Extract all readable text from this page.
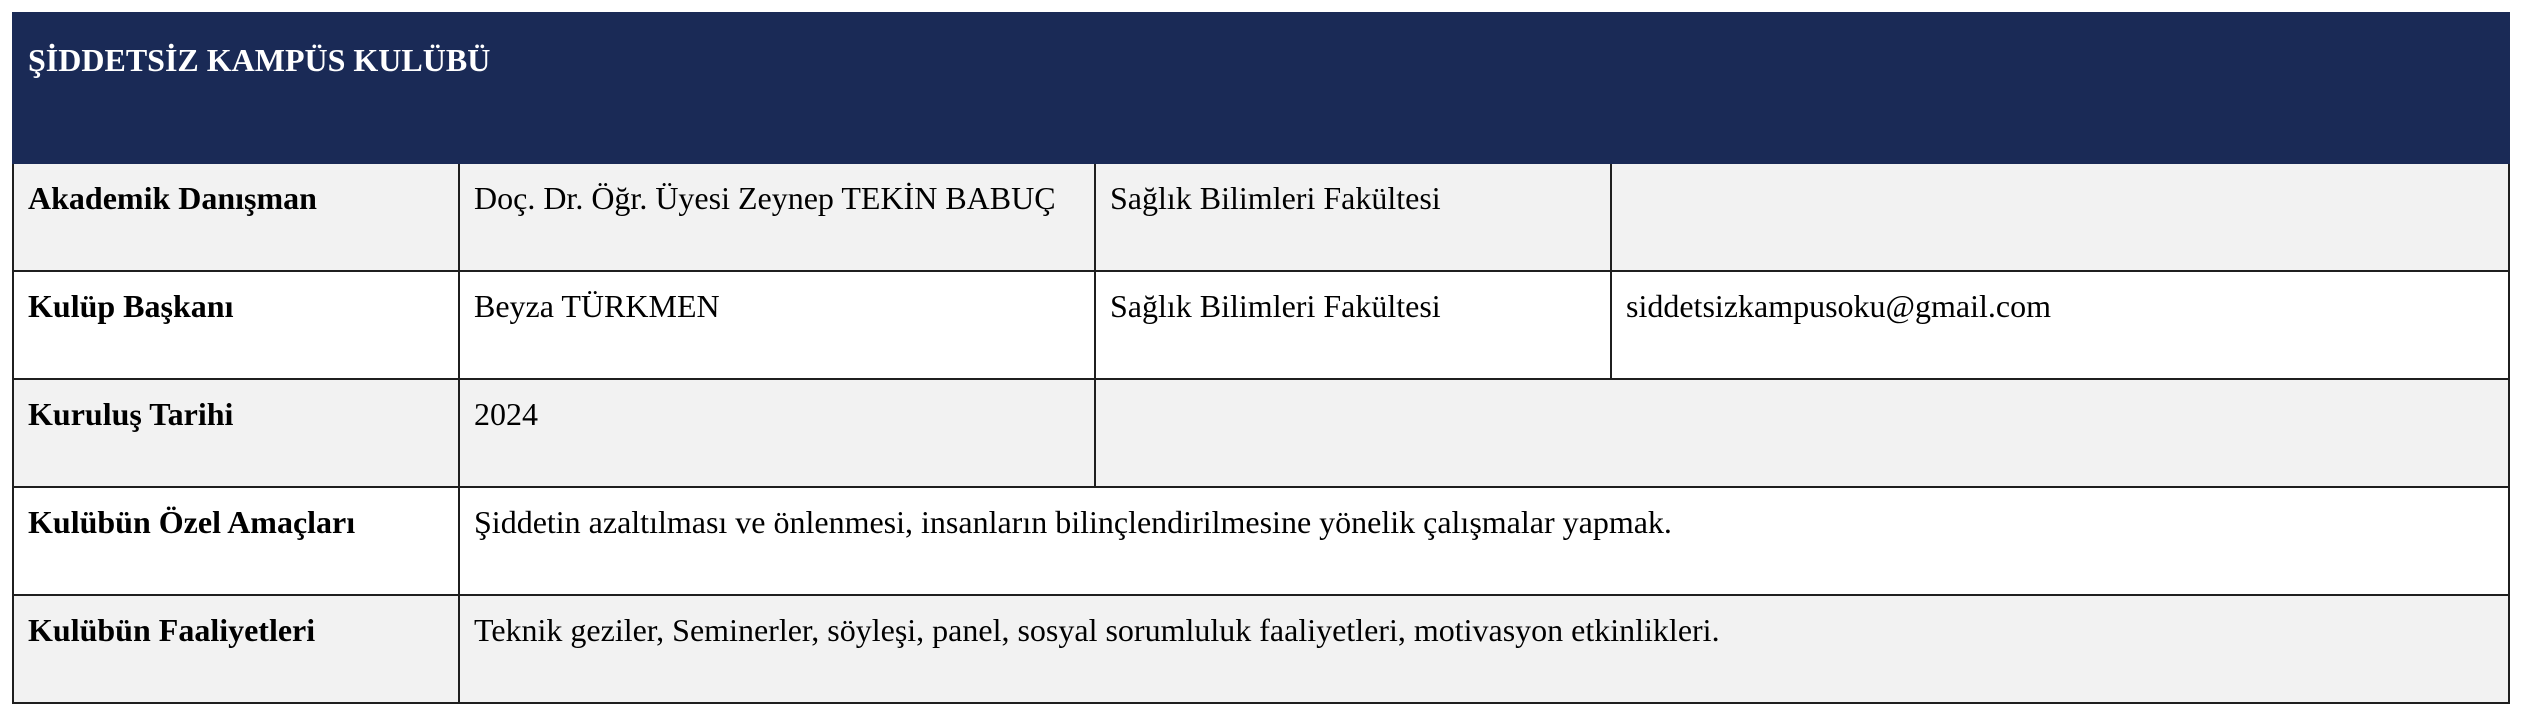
ŞİDDETSİZ KAMPÜS KULÜBÜ			
Akademik Danışman	Doç. Dr. Öğr. Üyesi Zeynep TEKİN BABUÇ	Sağlık Bilimleri Fakültesi	
Kulüp Başkanı	Beyza TÜRKMEN	Sağlık Bilimleri Fakültesi	siddetsizkampusoku@gmail.com
Kuruluş Tarihi	2024		
Kulübün Özel Amaçları	Şiddetin azaltılması ve önlenmesi, insanların bilinçlendirilmesine yönelik çalışmalar yapmak.		
Kulübün Faaliyetleri	Teknik geziler, Seminerler, söyleşi, panel, sosyal sorumluluk faaliyetleri, motivasyon etkinlikleri.		
